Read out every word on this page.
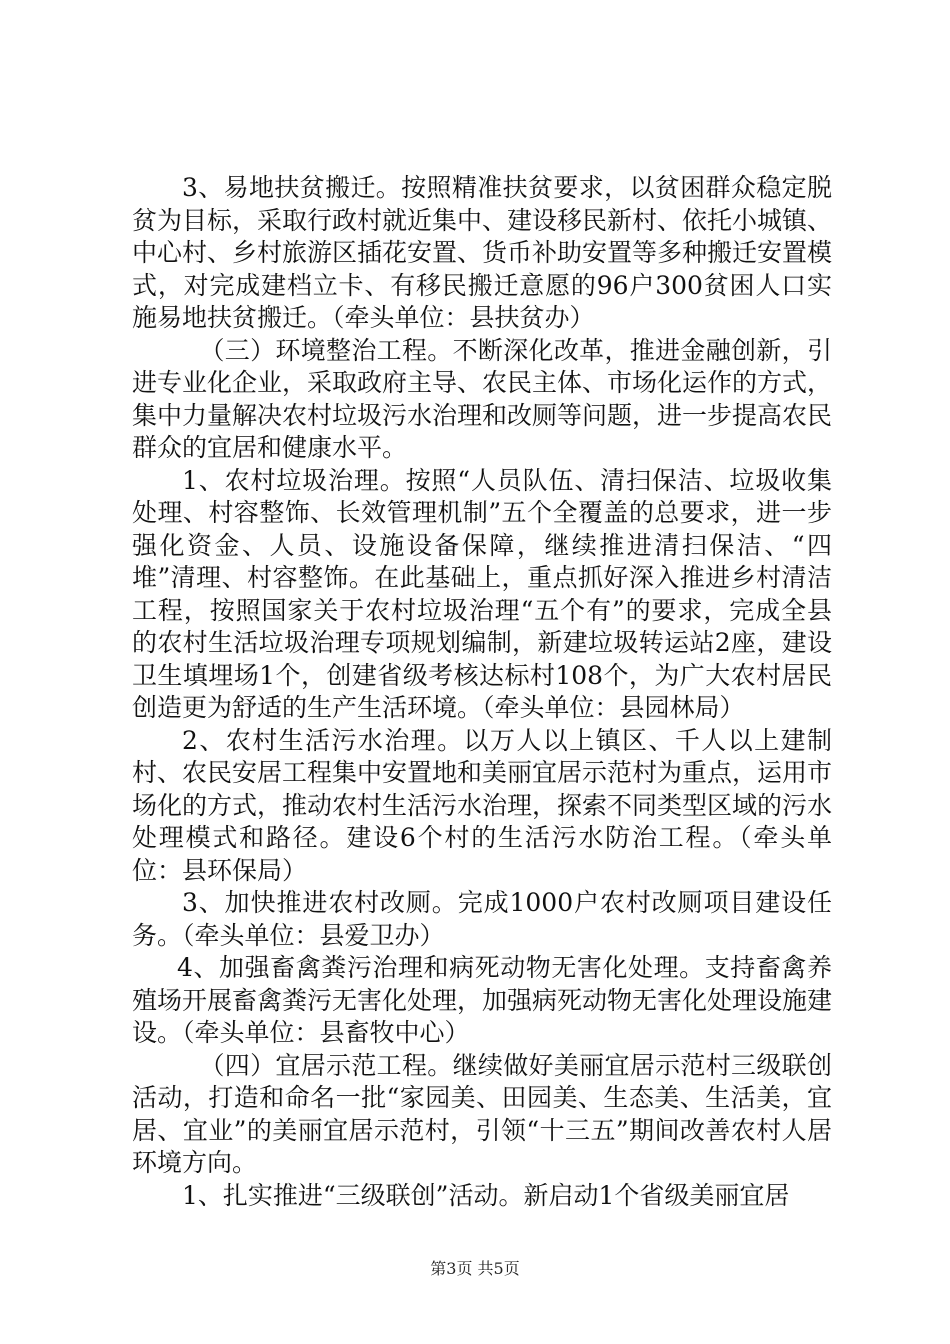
3、易地扶贫搬迁。按照精准扶贫要求，以贫困群众稳定脱贫为目标，采取行政村就近集中、建设移民新村、依托小城镇、中心村、乡村旅游区插花安置、货币补助安置等多种搬迁安置模式，对完成建档立卡、有移民搬迁意愿的96户300贫困人口实施易地扶贫搬迁。（牵头单位：县扶贫办）

（三）环境整治工程。不断深化改革，推进金融创新，引进专业化企业，采取政府主导、农民主体、市场化运作的方式，集中力量解决农村垃圾污水治理和改厕等问题，进一步提高农民群众的宜居和健康水平。

1、农村垃圾治理。按照“人员队伍、清扫保洁、垃圾收集处理、村容整饰、长效管理机制”五个全覆盖的总要求，进一步强化资金、人员、设施设备保障，继续推进清扫保洁、“四堆”清理、村容整饰。在此基础上，重点抓好深入推进乡村清洁工程，按照国家关于农村垃圾治理“五个有”的要求，完成全县的农村生活垃圾治理专项规划编制，新建垃圾转运站2座，建设卫生填埋场1个，创建省级考核达标村108个，为广大农村居民创造更为舒适的生产生活环境。（牵头单位：县园林局）

2、农村生活污水治理。以万人以上镇区、千人以上建制村、农民安居工程集中安置地和美丽宜居示范村为重点，运用市场化的方式，推动农村生活污水治理，探索不同类型区域的污水处理模式和路径。建设6个村的生活污水防治工程。（牵头单位：县环保局）

3、加快推进农村改厕。完成1000户农村改厕项目建设任务。（牵头单位：县爱卫办）

4、加强畜禽粪污治理和病死动物无害化处理。支持畜禽养殖场开展畜禽粪污无害化处理，加强病死动物无害化处理设施建设。（牵头单位：县畜牧中心）

（四）宜居示范工程。继续做好美丽宜居示范村三级联创活动，打造和命名一批“家园美、田园美、生态美、生活美，宜居、宜业”的美丽宜居示范村，引领“十三五”期间改善农村人居环境方向。

1、扎实推进“三级联创”活动。新启动1个省级美丽宜居

第3页 共5页
